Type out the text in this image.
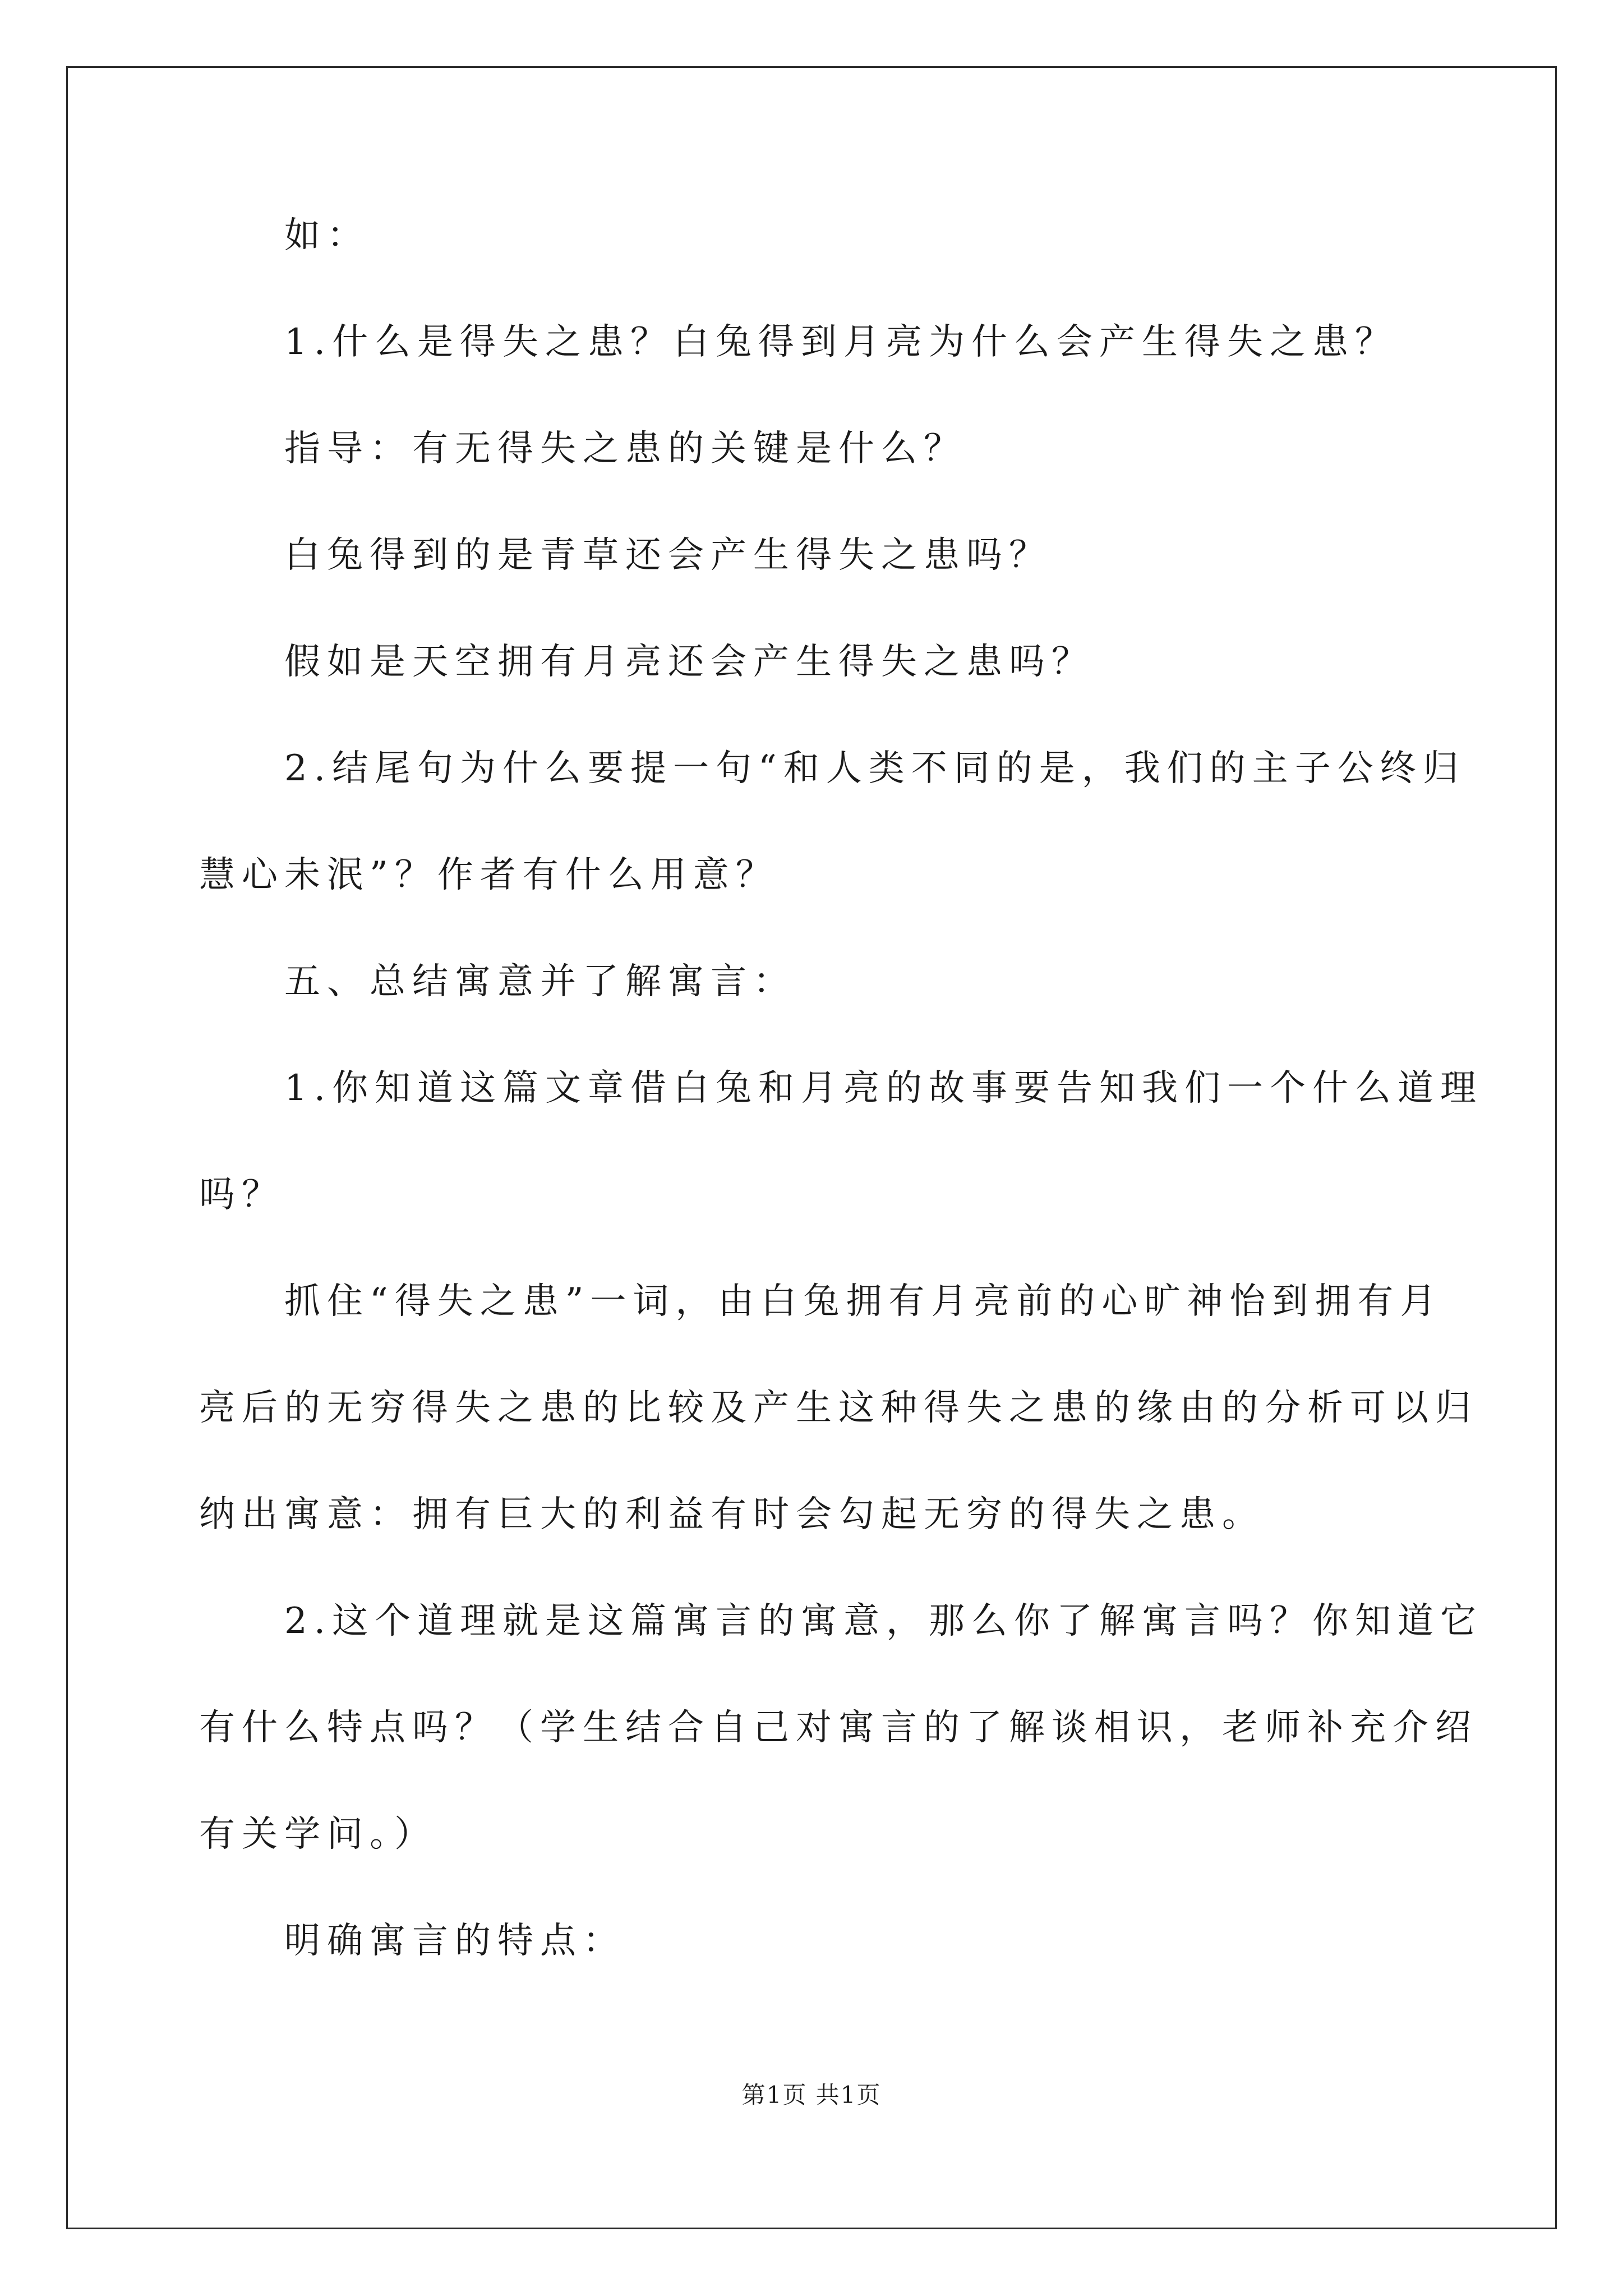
如：
1.什么是得失之患？白兔得到月亮为什么会产生得失之患？
指导：有无得失之患的关键是什么？
白兔得到的是青草还会产生得失之患吗？
假如是天空拥有月亮还会产生得失之患吗？
2.结尾句为什么要提一句“和人类不同的是，我们的主子公终归
慧心未泯”？作者有什么用意？
五、总结寓意并了解寓言：
1.你知道这篇文章借白兔和月亮的故事要告知我们一个什么道理
吗？
抓住“得失之患”一词，由白兔拥有月亮前的心旷神怡到拥有月
亮后的无穷得失之患的比较及产生这种得失之患的缘由的分析可以归
纳出寓意：拥有巨大的利益有时会勾起无穷的得失之患。
2.这个道理就是这篇寓言的寓意，那么你了解寓言吗？你知道它
有什么特点吗？（学生结合自己对寓言的了解谈相识，老师补充介绍
有关学问。）
明确寓言的特点：
第1页 共1页
